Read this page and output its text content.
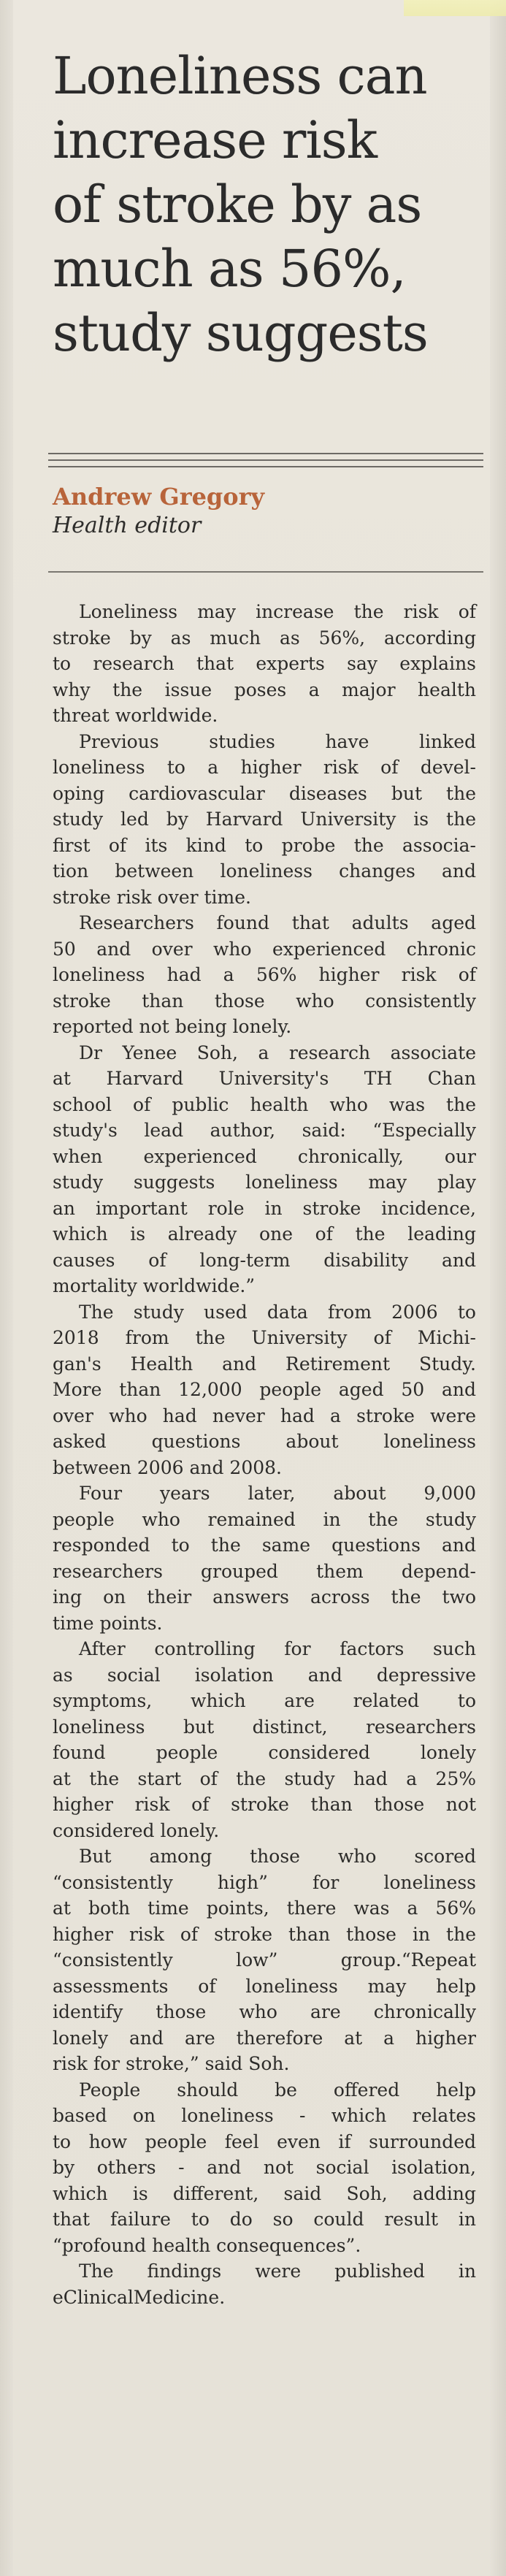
Loneliness can
increase risk
of stroke by as
much as 56%,
study suggests
Andrew Gregory
Health editor

Loneliness may increase the risk of
stroke by as much as 56%, according
to research that experts say explains
why the issue poses a major health
threat worldwide.

Previous studies have linked
loneliness to a higher risk of devel-
oping cardiovascular diseases but the
study led by Harvard University is the
first of its kind to probe the associa-
tion between loneliness changes and
stroke risk over time.

Researchers found that adults aged
50 and over who experienced chronic
loneliness had a 56% higher risk of
stroke than those who consistently
reported not being lonely.

Dr Yenee Soh, a research associate
at Harvard University's TH Chan
school of public health who was the
study's lead author, said: “Especially
when experienced chronically, our
study suggests loneliness may play
an important role in stroke incidence,
which is already one of the leading
causes of long-term disability and
mortality worldwide.”

The study used data from 2006 to
2018 from the University of Michi-
gan's Health and Retirement Study.
More than 12,000 people aged 50 and
over who had never had a stroke were
asked questions about loneliness
between 2006 and 2008.

Four years later, about 9,000
people who remained in the study
responded to the same questions and
researchers grouped them depend-
ing on their answers across the two
time points.

After controlling for factors such
as social isolation and depressive
symptoms, which are related to
loneliness but distinct, researchers
found people considered lonely
at the start of the study had a 25%
higher risk of stroke than those not
considered lonely.

But among those who scored
“consistently high” for loneliness
at both time points, there was a 56%
higher risk of stroke than those in the
“consistently low” group.“Repeat
assessments of loneliness may help
identify those who are chronically
lonely and are therefore at a higher
risk for stroke,” said Soh.

People should be offered help
based on loneliness - which relates
to how people feel even if surrounded
by others - and not social isolation,
which is different, said Soh, adding
that failure to do so could result in
“profound health consequences”.

The findings were published in
eClinicalMedicine.
